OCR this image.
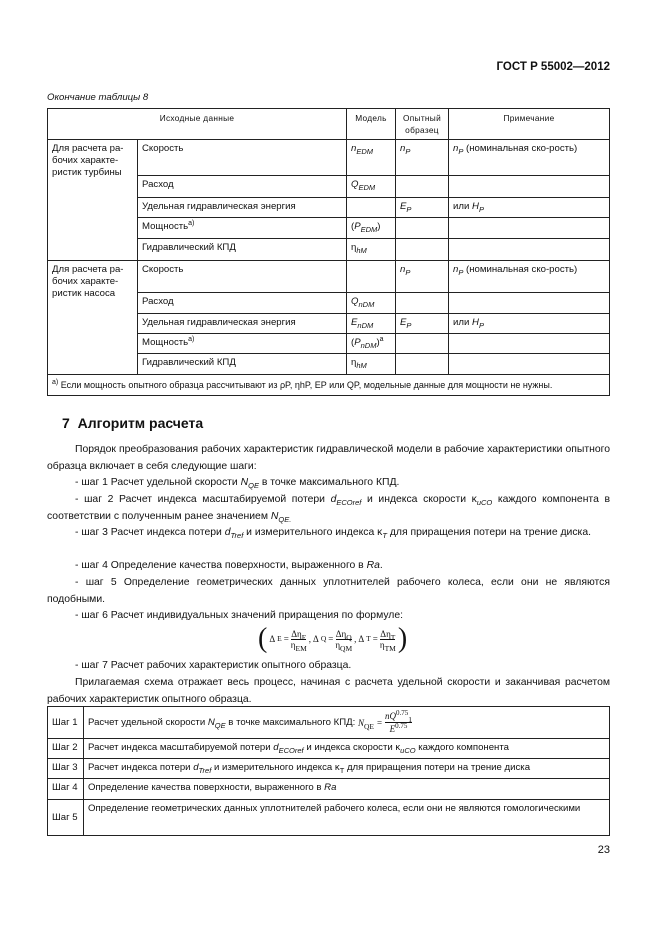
ГОСТ Р 55002—2012
Окончание таблицы 8
Исходные данные		Модель	Опытный образец	Примечание
Для расчета ра-бочих характе-ристик турбины	Скорость	$n_{EDM}$	$n_P$	$n_P$ (номинальная ско-рость)
	Расход	$Q_{EDM}$		
	Удельная гидравлическая энергия		$E_P$	или $H_P$
	Мощность$^{а)}$	$(P_{EDM})$		
	Гидравлический КПД	$\eta_{hM}$		
Для расчета ра-бочих характе-ристик насоса	Скорость		$n_P$	$n_P$ (номинальная ско-рость)
	Расход	$Q_{nDM}$		
	Удельная гидравлическая энергия	$E_{nDM}$	$E_P$	или $H_P$
	Мощность$^{а)}$	$(P_{nDM})^a$		
	Гидравлический КПД	$\eta_{hM}$		
$^{а)}$ Если мощность опытного образца рассчитывают из ρP, ηhP, EP или QP, модельные данные для мощности не нужны.				
7 Алгоритм расчета
Порядок преобразования рабочих характеристик гидравлической модели в рабочие характеристики опытного образца включает в себя следующие шаги:
- шаг 1 Расчет удельной скорости $N_{QE}$ в точке максимального КПД.
- шаг 2 Расчет индекса масштабируемой потери $d_{ECOref}$ и индекса скорости $\kappa_{uCO}$ каждого компонента в соответствии с полученным ранее значением $N_{QE.}$
- шаг 3 Расчет индекса потери $d_{Tref}$ и измерительного индекса $\kappa_T$ для приращения потери на трение диска.
- шаг 4 Определение качества поверхности, выраженного в Ra.
- шаг 5 Определение геометрических данных уплотнителей рабочего колеса, если они не являются подобными.
- шаг 6 Расчет индивидуальных значений приращения по формуле:
( Δ E =
$\Delta\eta_E$
$\eta_{EM}$
, Δ Q =
$\Delta\eta_Q$
$\eta_{QM}$
, Δ T =
$\Delta\eta_T$
$\eta_{TM}$ )
- шаг 7 Расчет рабочих характеристик опытного образца.
Прилагаемая схема отражает весь процесс, начиная с расчета удельной скорости и заканчивая расчетом рабочих характеристик опытного образца.
Шаг 1	Расчет удельной скорости $N_{QE}$ в точке максимального КПД: $N_{QE}$ =
$nQ^{0.75}_1$
$E^{0.75}$

Шаг 2	Расчет индекса масштабируемой потери $d_{ECOref}$ и индекса скорости $\kappa_{uCO}$ каждого компонента
Шаг 3	Расчет индекса потери $d_{Tref}$ и измерительного индекса $\kappa_T$ для приращения потери на трение диска
Шаг 4	Определение качества поверхности, выраженного в Ra
Шаг 5	Определение геометрических данных уплотнителей рабочего колеса, если они не являются гомологическими
23
